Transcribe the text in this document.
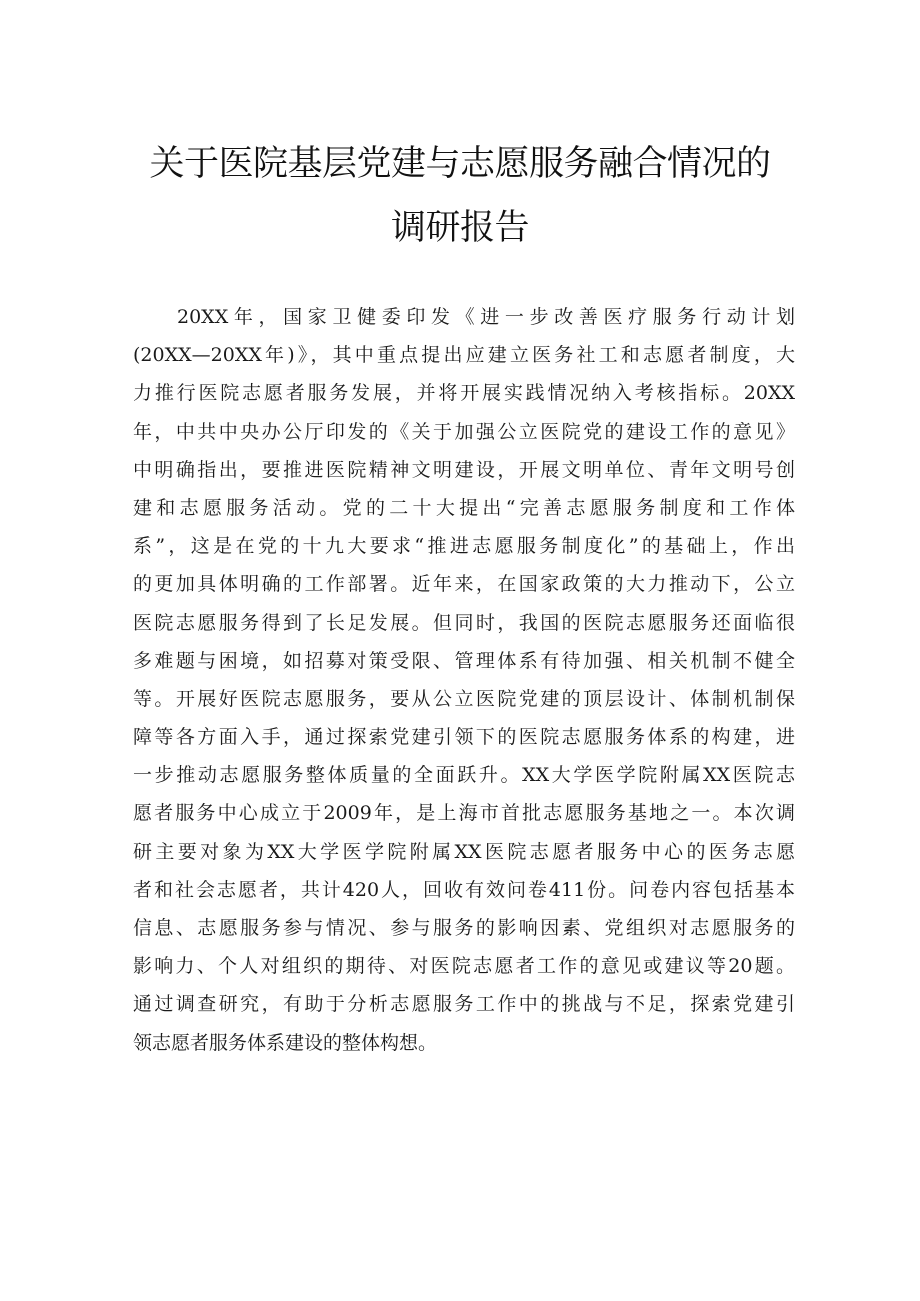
关于医院基层党建与志愿服务融合情况的
调研报告
20XX年，国家卫健委印发《进一步改善医疗服务行动计划
(20XX—20XX年)》，其中重点提出应建立医务社工和志愿者制度，大
力推行医院志愿者服务发展，并将开展实践情况纳入考核指标。20XX
年，中共中央办公厅印发的《关于加强公立医院党的建设工作的意见》
中明确指出，要推进医院精神文明建设，开展文明单位、青年文明号创
建和志愿服务活动。党的二十大提出“完善志愿服务制度和工作体
系”，这是在党的十九大要求“推进志愿服务制度化”的基础上，作出
的更加具体明确的工作部署。近年来，在国家政策的大力推动下，公立
医院志愿服务得到了长足发展。但同时，我国的医院志愿服务还面临很
多难题与困境，如招募对策受限、管理体系有待加强、相关机制不健全
等。开展好医院志愿服务，要从公立医院党建的顶层设计、体制机制保
障等各方面入手，通过探索党建引领下的医院志愿服务体系的构建，进
一步推动志愿服务整体质量的全面跃升。XX大学医学院附属XX医院志
愿者服务中心成立于2009年，是上海市首批志愿服务基地之一。本次调
研主要对象为XX大学医学院附属XX医院志愿者服务中心的医务志愿
者和社会志愿者，共计420人，回收有效问卷411份。问卷内容包括基本
信息、志愿服务参与情况、参与服务的影响因素、党组织对志愿服务的
影响力、个人对组织的期待、对医院志愿者工作的意见或建议等20题。
通过调查研究，有助于分析志愿服务工作中的挑战与不足，探索党建引
领志愿者服务体系建设的整体构想。
